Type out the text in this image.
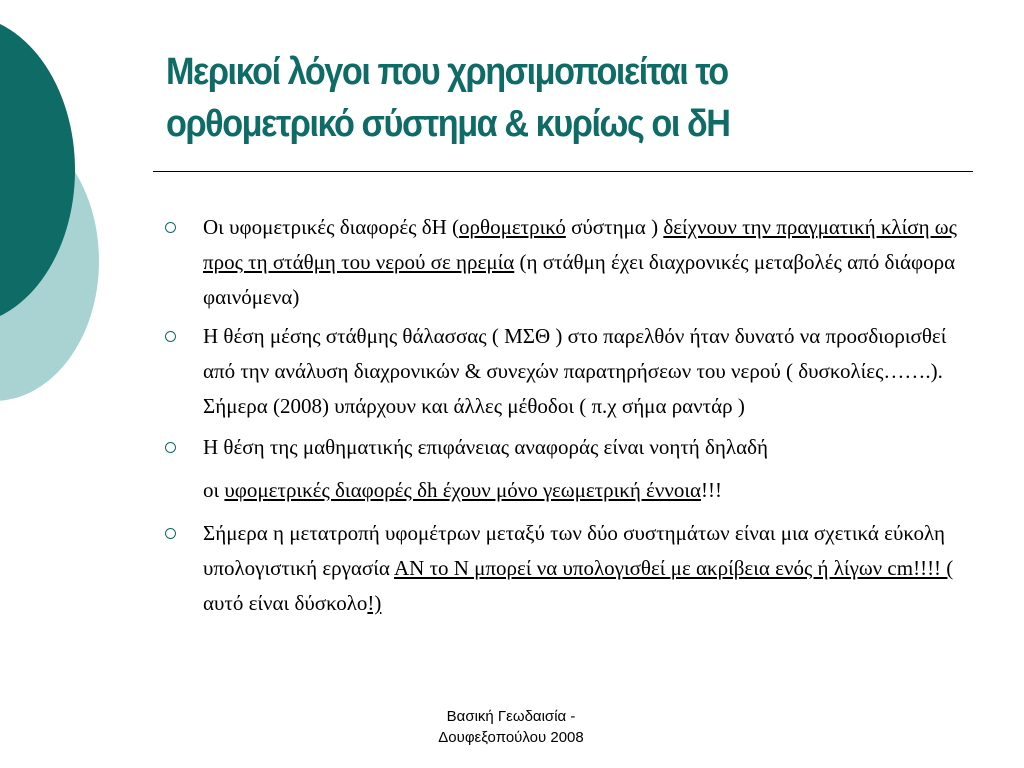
Μερικοί λόγοι που χρησιμοποιείται το
ορθομετρικό σύστημα & κυρίως οι δΗ
Οι υφομετρικές διαφορές δΗ (ορθομετρικό σύστημα ) δείχνουν την πραγματική κλίση ως προς τη στάθμη του νερού σε ηρεμία (η στάθμη έχει διαχρονικές μεταβολές από διάφορα φαινόμενα)
Η θέση μέσης στάθμης θάλασσας ( ΜΣΘ ) στο παρελθόν ήταν δυνατό να προσδιορισθεί από την ανάλυση διαχρονικών & συνεχών παρατηρήσεων του νερού ( δυσκολίες…….). Σήμερα (2008) υπάρχουν και άλλες μέθοδοι ( π.χ σήμα ραντάρ )
Η θέση της μαθηματικής επιφάνειας αναφοράς είναι νοητή δηλαδή
οι υφομετρικές διαφορές δh έχουν μόνο γεωμετρική έννοια!!!
Σήμερα η μετατροπή υφομέτρων μεταξύ των δύο συστημάτων είναι μια σχετικά εύκολη υπολογιστική εργασία ΑΝ το Ν μπορεί να υπολογισθεί με ακρίβεια ενός ή λίγων cm!!!! ( αυτό είναι δύσκολο!)
Βασική Γεωδαισία -
Δουφεξοπούλου 2008
